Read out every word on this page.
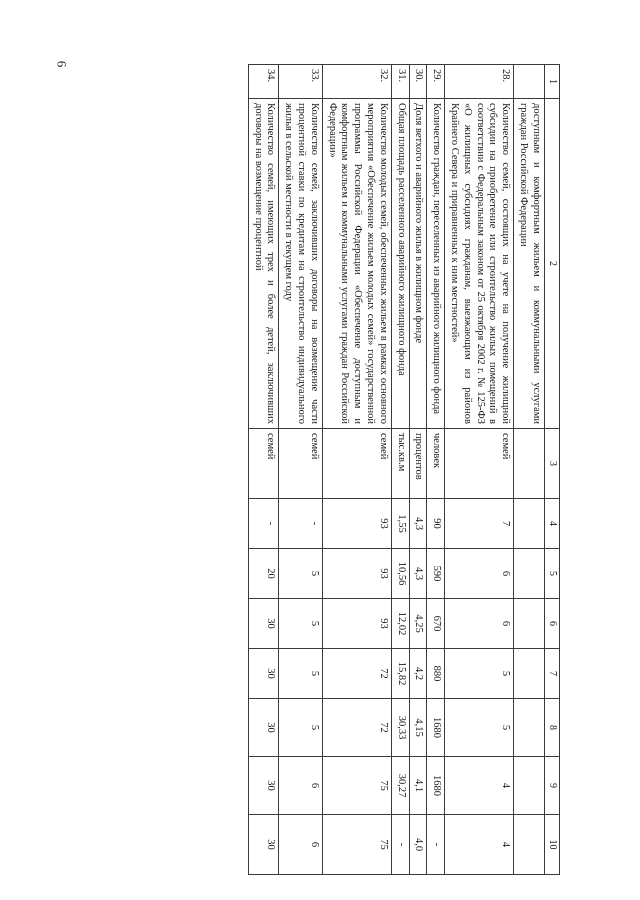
6
1	2	3	4	5	6	7	8	9	10
	доступным и комфортным жильем и коммунальными услугами граждан Российской Федерации								
28.	Количество семей, состоящих на учете на получение жилищной субсидии на приобретение или строительство жилых помещений в соответствии с Федеральным законом от 25 октября 2002 г. № 125-ФЗ «О жилищных субсидиях гражданам, выезжающим из районов Крайнего Севера и приравненных к ним местностей»	семей	7	6	6	5	5	4	4
29.	Количество граждан, переселенных из аварийного жилищного фонда	человек	90	590	670	880	1680	1680	-
30.	Доля ветхого и аварийного жилья в жилищном фонде	процентов	4,3	4,3	4,25	4,2	4,15	4,1	4,0
31.	Общая площадь расселенного аварийного жилищного фонда	тыс.кв.м	1,55	10,56	12,02	15,82	30,33	30,27	-
32.	Количество молодых семей, обеспеченных жильем в рамках основного мероприятия «Обеспечение жильем молодых семей» государственной программы Российской Федерации «Обеспечение доступным и комфортным жильем и коммунальными услугами граждан Российской Федерации»	семей	93	93	93	72	72	75	75
33.	Количество семей, заключивших договоры на возмещение части процентной ставки по кредитам на строительство индивидуального жилья в сельской местности в текущем году	семей	-	5	5	5	5	6	6
34.	Количество семей, имеющих трех и более детей, заключивших договоры на возмещение процентной	семей	-	20	30	30	30	30	30
